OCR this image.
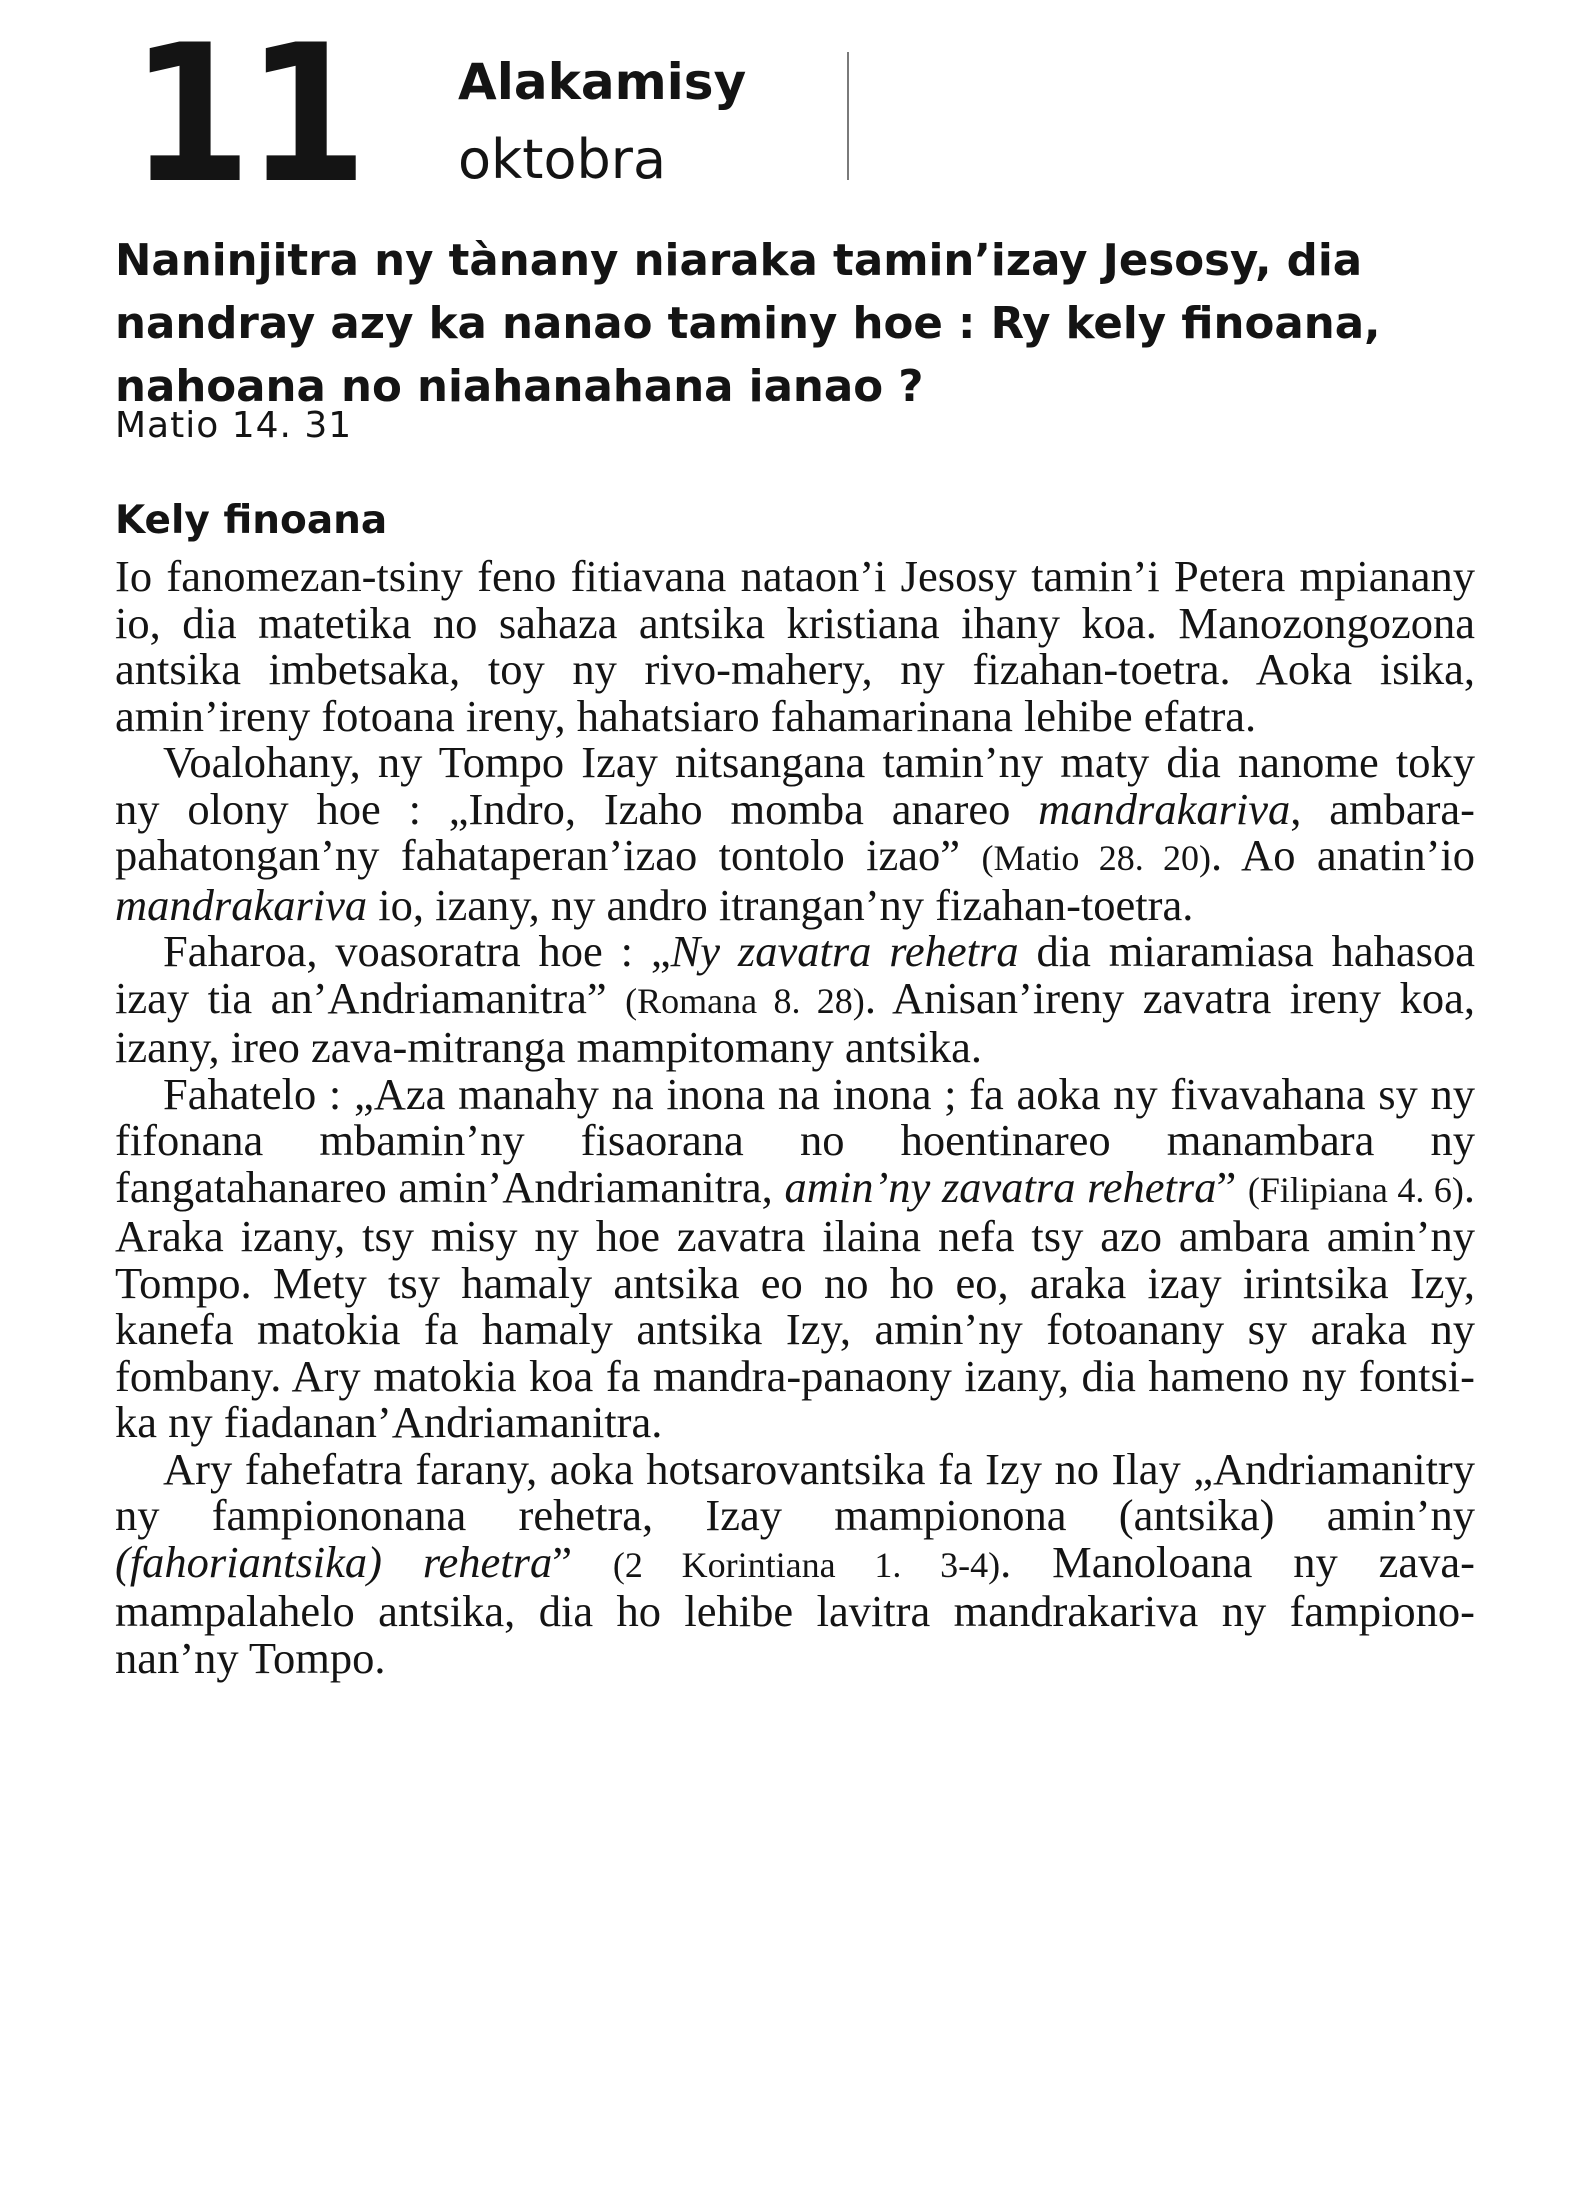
11 Alakamisy
oktobra
Naninjitra ny tànany niaraka tamin’izay Jesosy, dia nandray azy ka nanao taminy hoe : Ry kely finoana, nahoana no niahanahana ianao ?
Matio 14. 31
Kely finoana

Io fanomezan-tsiny feno fitiavana nataon’i Jesosy tamin’i Petera mpianany io, dia matetika no sahaza antsika kristiana ihany koa. Manozongozona antsika imbetsaka, toy ny rivo-mahery, ny fizahan-toetra. Aoka isika, amin’ireny fotoana ireny, hahatsiaro fahamarinana lehibe efatra.

Voalohany, ny Tompo Izay nitsangana tamin’ny maty dia nanome toky ny olony hoe : „Indro, Izaho momba anareo mandrakariva, ambara-pahatongan’ny fahataperan’izao tontolo izao” (Matio 28. 20). Ao anatin’io mandrakariva io, izany, ny andro itrangan’ny fizahan-toetra.

Faharoa, voasoratra hoe : „Ny zavatra rehetra dia miaramiasa hahasoa izay tia an’Andriamanitra” (Romana 8. 28). Anisan’ireny zavatra ireny koa, izany, ireo zava-mitranga mampitomany antsika.

Fahatelo : „Aza manahy na inona na inona ; fa aoka ny fivavahana sy ny fifonana mbamin’ny fisaorana no hoentinareo manambara ny fangatahanareo amin’Andriamanitra, amin’ny zavatra rehetra” (Filipiana 4. 6). Araka izany, tsy misy ny hoe zavatra ilaina nefa tsy azo ambara amin’ny Tompo. Mety tsy hamaly antsika eo no ho eo, araka izay irintsika Izy, kanefa matokia fa hamaly antsika Izy, amin’ny fotoanany sy araka ny fombany. Ary matokia koa fa mandra-panaony izany, dia hameno ny fontsika ny fiadanan’Andriamanitra.

Ary fahefatra farany, aoka hotsarovantsika fa Izy no Ilay „Andriamanitry ny fampiononana rehetra, Izay mampionona (antsika) amin’ny (fahoriantsika) rehetra” (2 Korintiana 1. 3-4). Manoloana ny zava-mampalahelo antsika, dia ho lehibe lavitra mandrakariva ny fampiononan’ny Tompo.
